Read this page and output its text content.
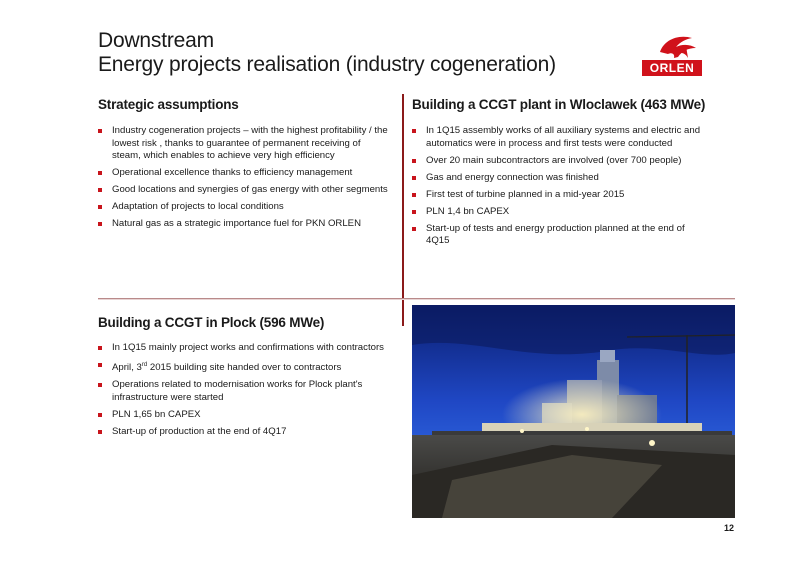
Downstream
Energy projects realisation (industry cogeneration)	ORLEN
Strategic assumptions	Building a CCGT plant in Wloclawek (463 MWe)
Building a CCGT in Plock (596 MWe)
Industry cogeneration projects – with the highest profitability / the lowest risk , thanks to guarantee of permanent receiving of steam, which enables to achieve very high efficiency
Operational excellence thanks to efficiency management
Good locations and synergies of gas energy with other segments
Adaptation of projects to local conditions
Natural gas as a strategic importance fuel for PKN ORLEN
In 1Q15 assembly works of all auxiliary systems and electric and automatics were in process and first tests were conducted
Over 20 main subcontractors are involved (over 700 people)
Gas and energy connection was finished
First test of turbine planned in a mid-year 2015
PLN 1,4 bn CAPEX
Start-up of tests and energy production planned at the end of 4Q15
In 1Q15 mainly project works and confirmations with contractors
April, 3rd 2015 building site handed over to contractors
Operations related to modernisation works for Plock plant's infrastructure were started
PLN 1,65 bn CAPEX
Start-up of production at the end of 4Q17
12
